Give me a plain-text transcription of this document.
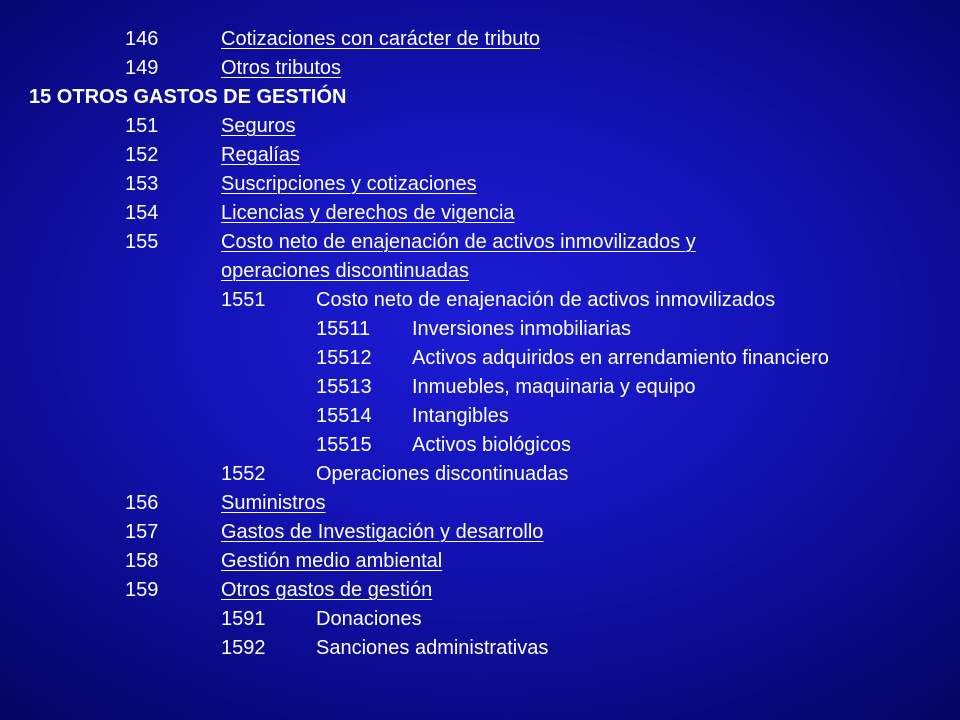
146	Cotizaciones con carácter de tributo
149	Otros tributos
15 OTROS GASTOS DE GESTIÓN
151	Seguros
152	Regalías
153	Suscripciones y cotizaciones
154	Licencias y derechos de vigencia
155	Costo neto de enajenación de activos inmovilizados y
operaciones discontinuadas
1551	Costo neto de enajenación de activos inmovilizados
15511 Inversiones inmobiliarias
15512 Activos adquiridos en arrendamiento financiero
15513 Inmuebles, maquinaria y equipo
15514 Intangibles
15515 Activos biológicos
1552	Operaciones discontinuadas
156	Suministros
157	Gastos de Investigación y desarrollo
158	Gestión medio ambiental
159	Otros gastos de gestión
1591	Donaciones
1592	Sanciones administrativas
